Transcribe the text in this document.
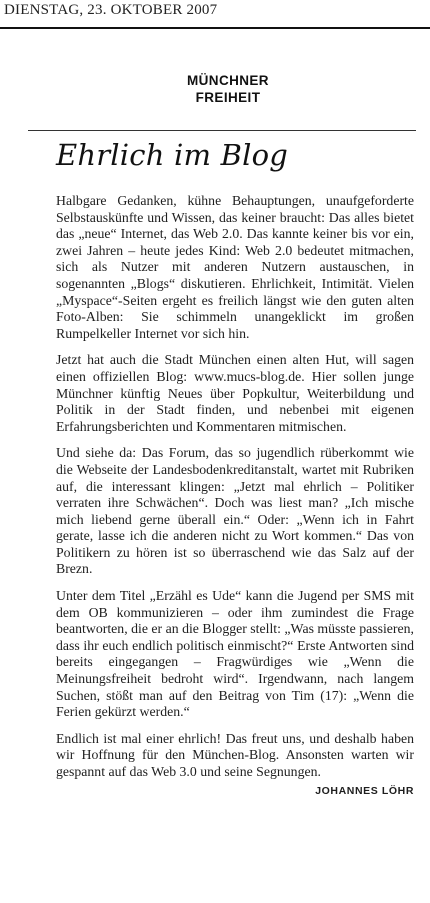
DIENSTAG, 23. OKTOBER 2007
MÜNCHNER
FREIHEIT
Ehrlich im Blog

Halbgare Gedanken, kühne Behauptungen, unaufgeforderte Selbstauskünfte und Wissen, das keiner braucht: Das alles bietet das „neue“ Internet, das Web 2.0. Das kannte keiner bis vor ein, zwei Jahren – heute jedes Kind: Web 2.0 bedeutet mitmachen, sich als Nutzer mit anderen Nutzern austauschen, in sogenannten „Blogs“ diskutieren. Ehrlichkeit, Intimität. Vielen „Myspace“-Seiten ergeht es freilich längst wie den guten alten Foto-Alben: Sie schimmeln unangeklickt im großen Rumpelkeller Internet vor sich hin.

Jetzt hat auch die Stadt München einen alten Hut, will sagen einen offiziellen Blog: www.mucs-blog.de. Hier sollen junge Münchner künftig Neues über Popkultur, Weiterbildung und Politik in der Stadt finden, und nebenbei mit eigenen Erfahrungsberichten und Kommentaren mitmischen.

Und siehe da: Das Forum, das so jugendlich rüberkommt wie die Webseite der Landesbodenkreditanstalt, wartet mit Rubriken auf, die interessant klingen: „Jetzt mal ehrlich – Politiker verraten ihre Schwächen“. Doch was liest man? „Ich mische mich liebend gerne überall ein.“ Oder: „Wenn ich in Fahrt gerate, lasse ich die anderen nicht zu Wort kommen.“ Das von Politikern zu hören ist so überraschend wie das Salz auf der Brezn.

Unter dem Titel „Erzähl es Ude“ kann die Jugend per SMS mit dem OB kommunizieren – oder ihm zumindest die Frage beantworten, die er an die Blogger stellt: „Was müsste passieren, dass ihr euch endlich politisch einmischt?“ Erste Antworten sind bereits eingegangen – Fragwürdiges wie „Wenn die Meinungsfreiheit bedroht wird“. Irgendwann, nach langem Suchen, stößt man auf den Beitrag von Tim (17): „Wenn die Ferien gekürzt werden.“

Endlich ist mal einer ehrlich! Das freut uns, und deshalb haben wir Hoffnung für den München-Blog. Ansonsten warten wir gespannt auf das Web 3.0 und seine Segnungen.
JOHANNES LÖHR
